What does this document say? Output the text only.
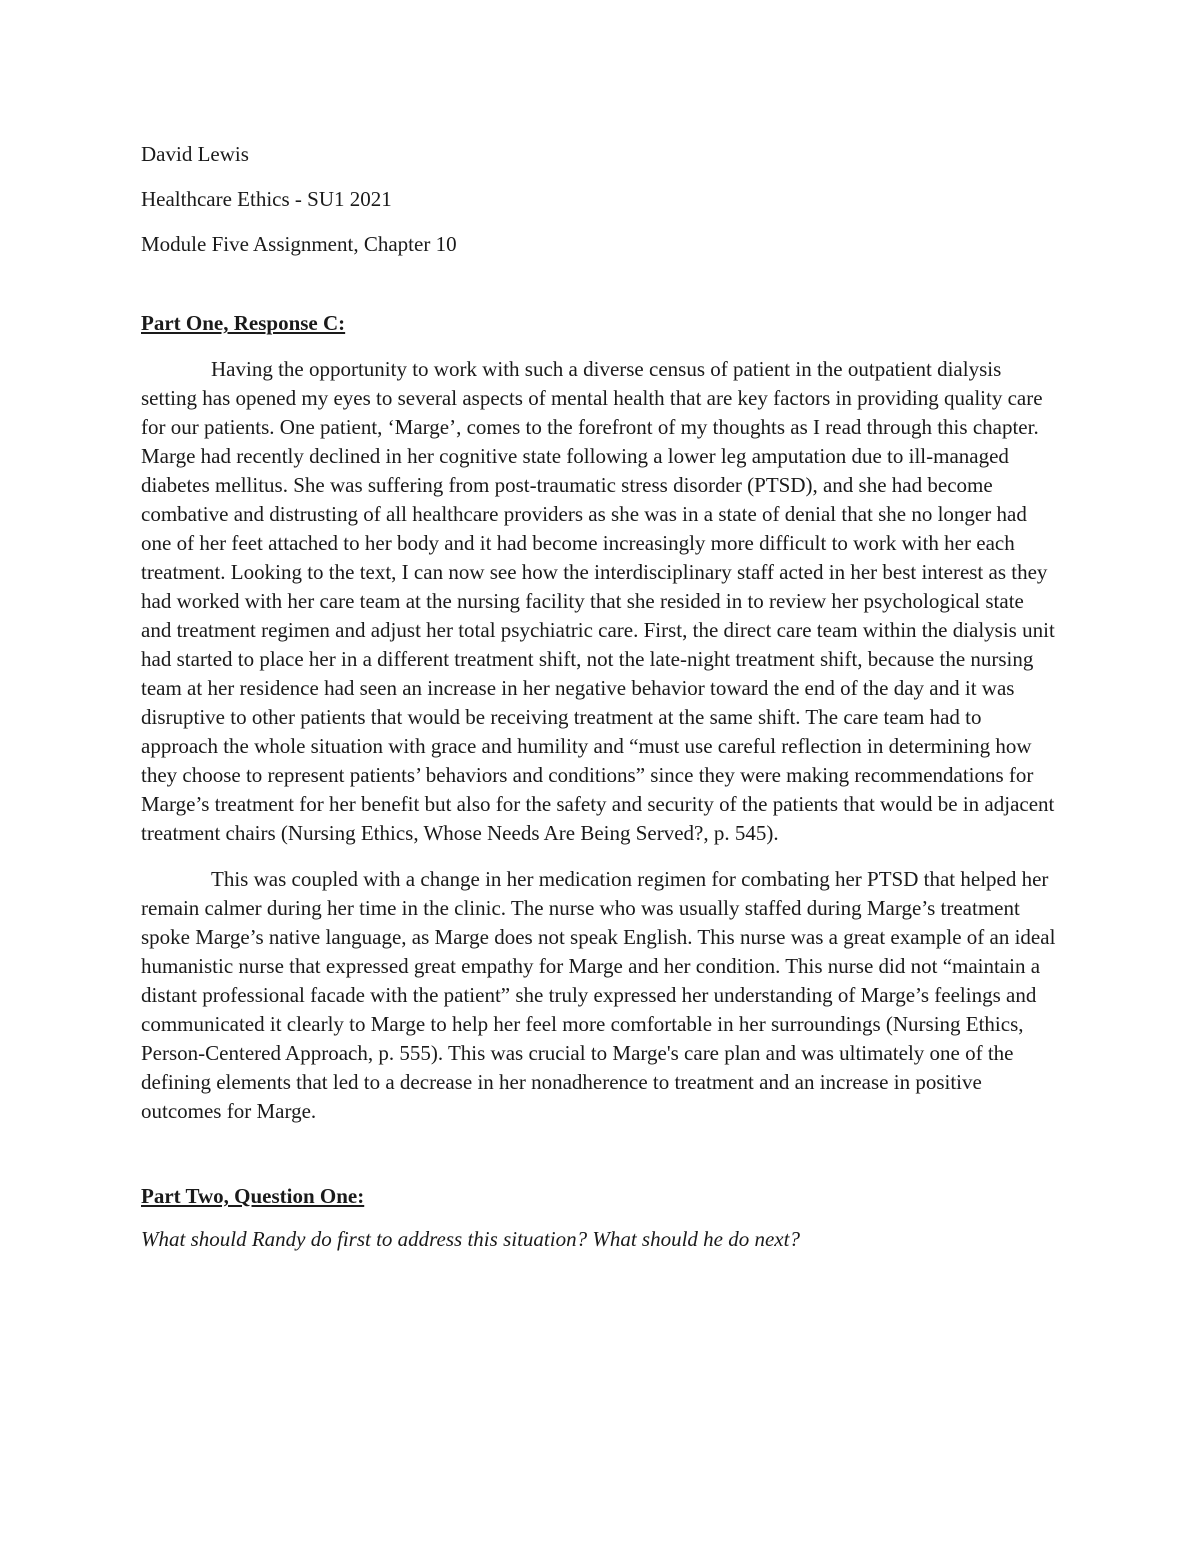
David Lewis

Healthcare Ethics - SU1 2021

Module Five Assignment, Chapter 10

Part One, Response C:

Having the opportunity to work with such a diverse census of patient in the outpatient dialysis setting has opened my eyes to several aspects of mental health that are key factors in providing quality care for our patients. One patient, ‘Marge’, comes to the forefront of my thoughts as I read through this chapter. Marge had recently declined in her cognitive state following a lower leg amputation due to ill-managed diabetes mellitus. She was suffering from post-traumatic stress disorder (PTSD), and she had become combative and distrusting of all healthcare providers as she was in a state of denial that she no longer had one of her feet attached to her body and it had become increasingly more difficult to work with her each treatment. Looking to the text, I can now see how the interdisciplinary staff acted in her best interest as they had worked with her care team at the nursing facility that she resided in to review her psychological state and treatment regimen and adjust her total psychiatric care. First, the direct care team within the dialysis unit had started to place her in a different treatment shift, not the late-night treatment shift, because the nursing team at her residence had seen an increase in her negative behavior toward the end of the day and it was disruptive to other patients that would be receiving treatment at the same shift. The care team had to approach the whole situation with grace and humility and “must use careful reflection in determining how they choose to represent patients’ behaviors and conditions” since they were making recommendations for Marge’s treatment for her benefit but also for the safety and security of the patients that would be in adjacent treatment chairs (Nursing Ethics, Whose Needs Are Being Served?, p. 545).

This was coupled with a change in her medication regimen for combating her PTSD that helped her remain calmer during her time in the clinic. The nurse who was usually staffed during Marge’s treatment spoke Marge’s native language, as Marge does not speak English. This nurse was a great example of an ideal humanistic nurse that expressed great empathy for Marge and her condition. This nurse did not “maintain a distant professional facade with the patient” she truly expressed her understanding of Marge’s feelings and communicated it clearly to Marge to help her feel more comfortable in her surroundings (Nursing Ethics, Person-Centered Approach, p. 555). This was crucial to Marge's care plan and was ultimately one of the defining elements that led to a decrease in her nonadherence to treatment and an increase in positive outcomes for Marge.

Part Two, Question One:

What should Randy do first to address this situation? What should he do next?
